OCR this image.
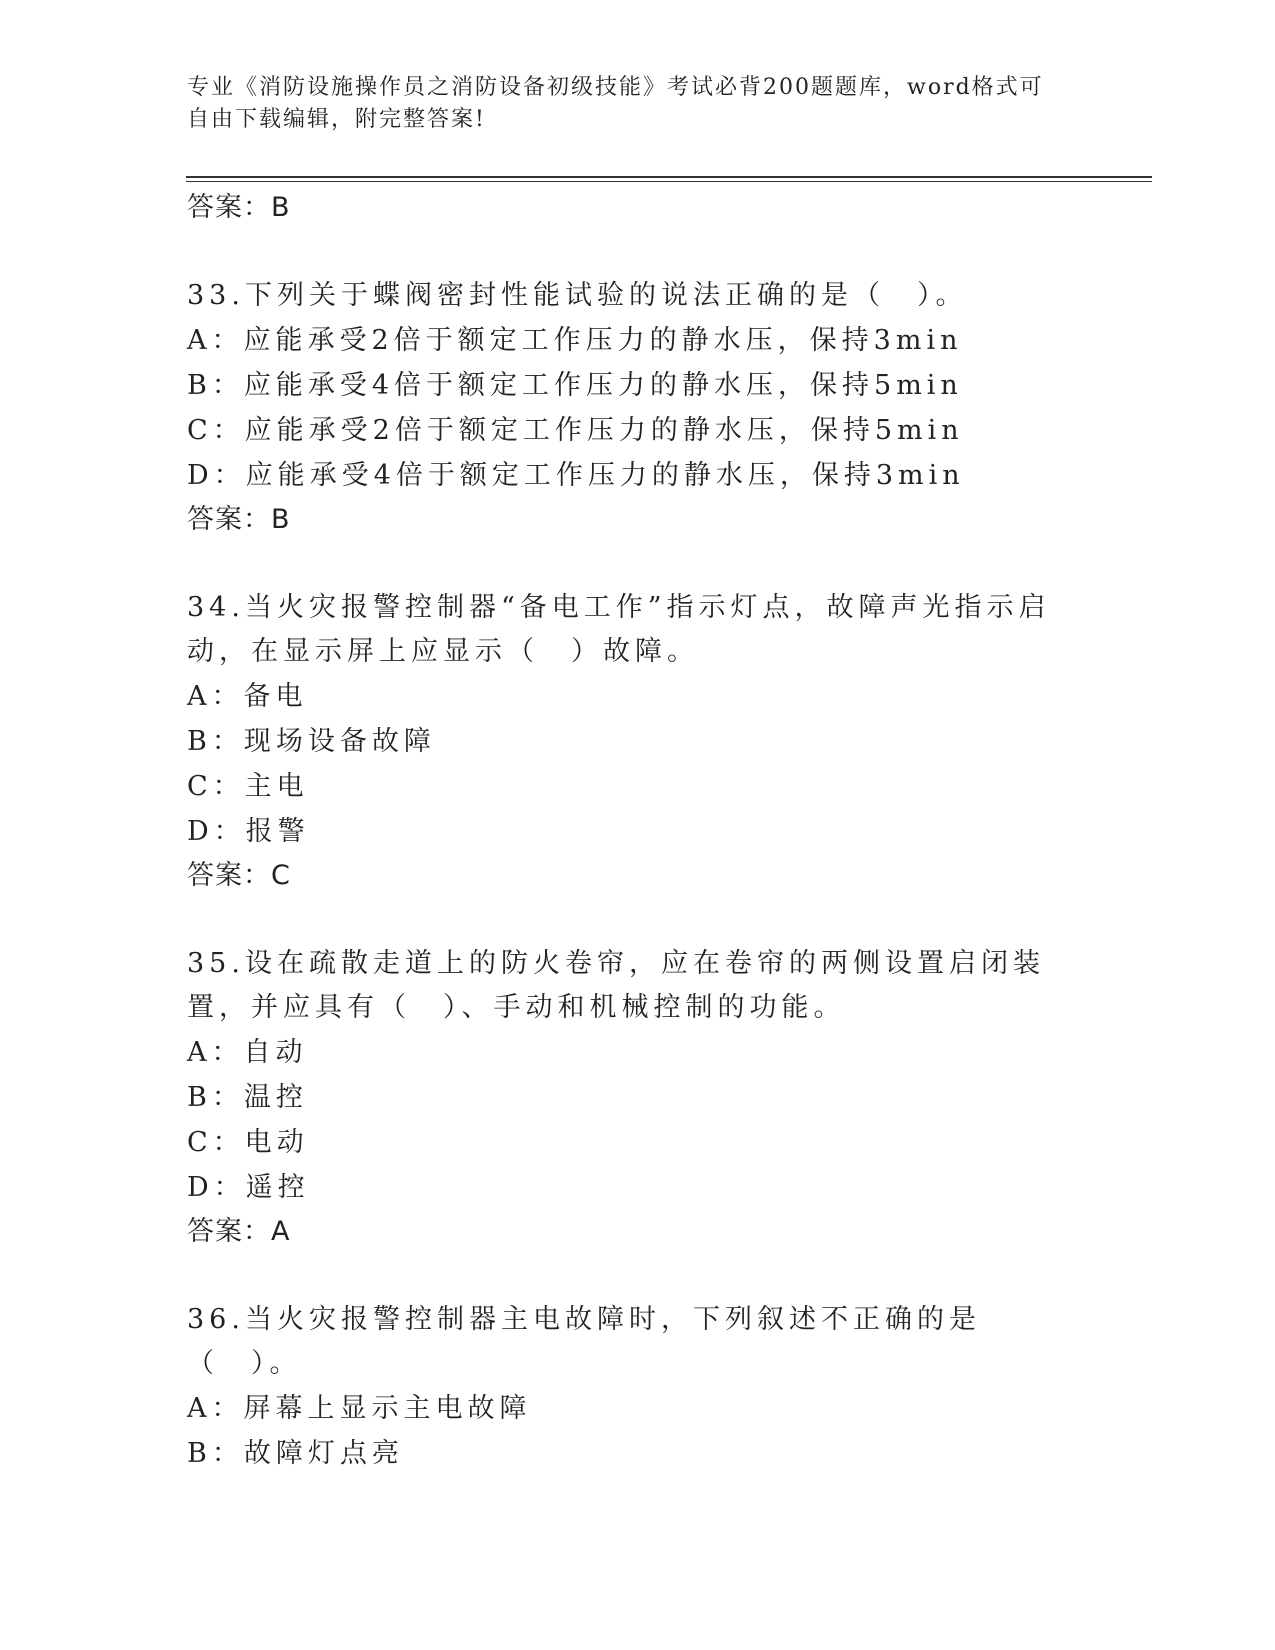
专业《消防设施操作员之消防设备初级技能》考试必背200题题库，word格式可
自由下载编辑，附完整答案!
答案：B
33.下列关于蝶阀密封性能试验的说法正确的是（　）。
A：应能承受2倍于额定工作压力的静水压，保持3min
B：应能承受4倍于额定工作压力的静水压，保持5min
C：应能承受2倍于额定工作压力的静水压，保持5min
D：应能承受4倍于额定工作压力的静水压，保持3min
答案：B
34.当火灾报警控制器“备电工作”指示灯点，故障声光指示启动，在显示屏上应显示（　）故障。
A：备电
B：现场设备故障
C：主电
D：报警
答案：C
35.设在疏散走道上的防火卷帘，应在卷帘的两侧设置启闭装置，并应具有（　）、手动和机械控制的功能。
A：自动
B：温控
C：电动
D：遥控
答案：A
36.当火灾报警控制器主电故障时，下列叙述不正确的是（　）。
A：屏幕上显示主电故障
B：故障灯点亮
